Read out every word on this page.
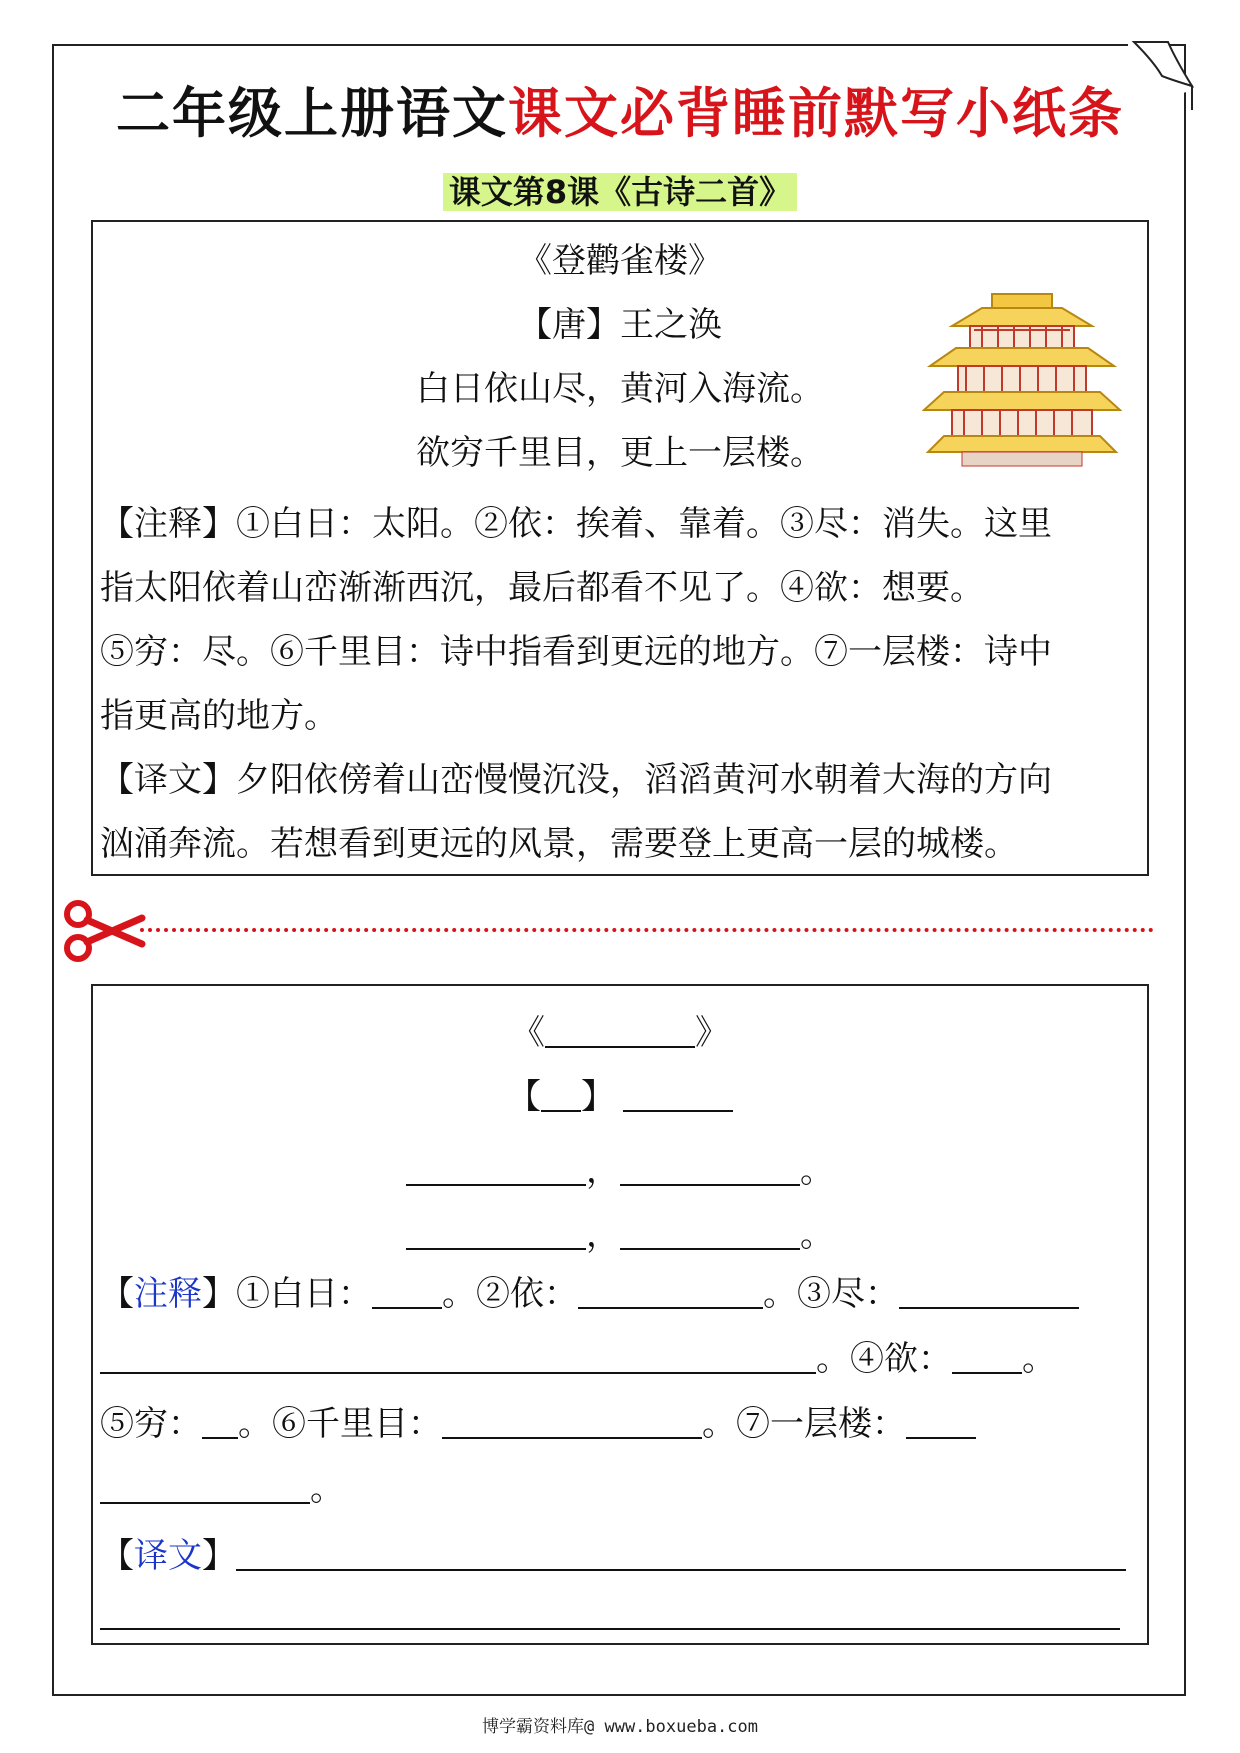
二年级上册语文课文必背睡前默写小纸条
课文第8课《古诗二首》
《登鹳雀楼》
【唐】王之涣
白日依山尽，黄河入海流。
欲穷千里目，更上一层楼。
【注释】①白日：太阳。②依：挨着、靠着。③尽：消失。这里
指太阳依着山峦渐渐西沉，最后都看不见了。④欲：想要。
⑤穷：尽。⑥千里目：诗中指看到更远的地方。⑦一层楼：诗中
指更高的地方。
【译文】夕阳依傍着山峦慢慢沉没，滔滔黄河水朝着大海的方向
汹涌奔流。若想看到更远的风景，需要登上更高一层的城楼。
《	》
【 】
，	。
，	。
【注释】①白日： 。②依：	。③尽：
。④欲： 。
⑤穷： 。⑥千里目：	。⑦一层楼：
。
【译文】
博学霸资料库@ www.boxueba.com
